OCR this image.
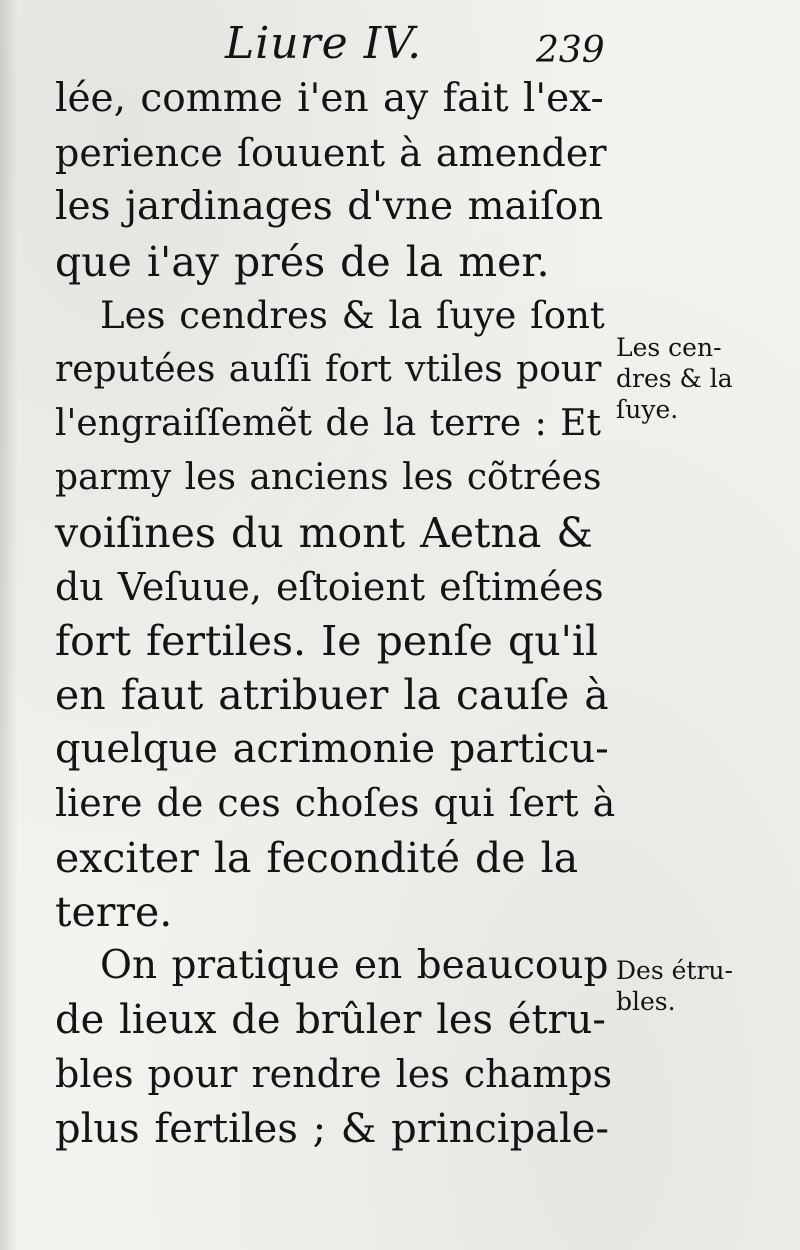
Liure IV.	239
lée, comme i'en ay fait l'ex-
perience ſouuent à amender
les jardinages d'vne maiſon
que i'ay prés de la mer.
Les cendres & la ſuye ſont
reputées auſſi fort vtiles pour
l'engraiſſemẽt de la terre : Et
parmy les anciens les cõtrées
voiſines du mont Aetna &
du Veſuue, eſtoient eſtimées
fort fertiles. Ie penſe qu'il
en faut atribuer la cauſe à
quelque acrimonie particu-
liere de ces choſes qui ſert à
exciter la fecondité de la
terre.
On pratique en beaucoup
de lieux de brûler les étru-
bles pour rendre les champs
plus fertiles ; & principale-
Les cen-
dres & la
ſuye.
Des étru-
bles.
